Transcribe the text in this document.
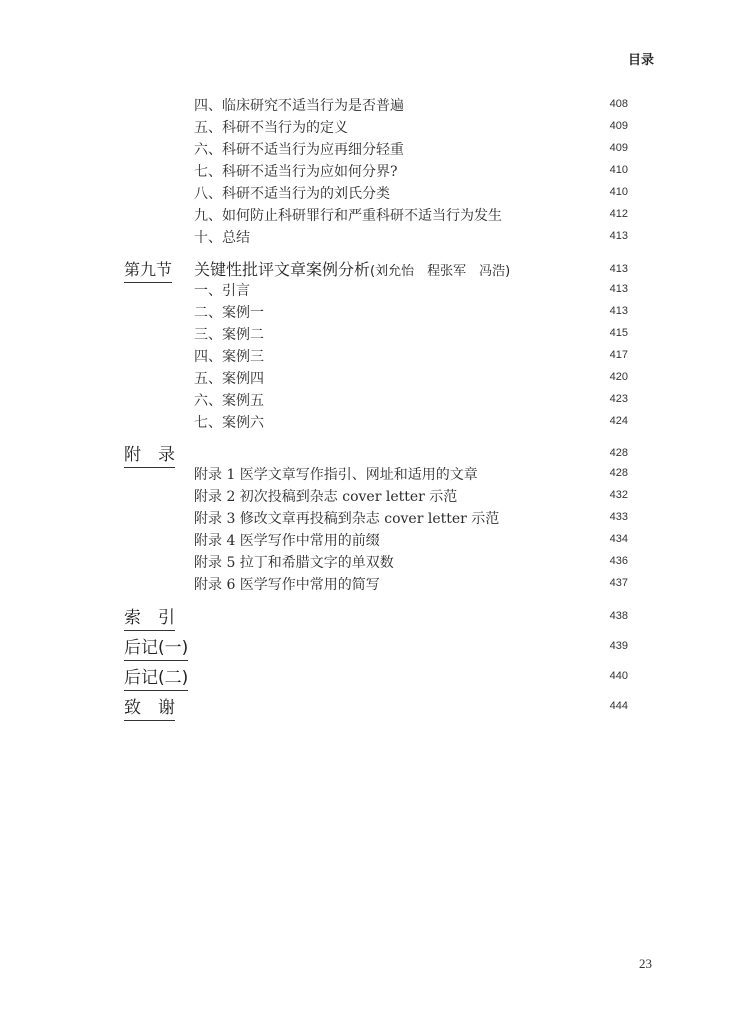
目录
四、临床研究不适当行为是否普遍	408
五、科研不当行为的定义	409
六、科研不适当行为应再细分轻重	409
七、科研不适当行为应如何分界?	410
八、科研不适当行为的刘氏分类	410
九、如何防止科研罪行和严重科研不适当行为发生	412
十、总结	413
第九节 关键性批评文章案例分析(刘允怡　程张军　冯浩)	413
一、引言	413
二、案例一	413
三、案例二	415
四、案例三	417
五、案例四	420
六、案例五	423
七、案例六	424
附　录	428
附录 1 医学文章写作指引、网址和适用的文章	428
附录 2 初次投稿到杂志 cover letter 示范	432
附录 3 修改文章再投稿到杂志 cover letter 示范	433
附录 4 医学写作中常用的前缀	434
附录 5 拉丁和希腊文字的单双数	436
附录 6 医学写作中常用的简写	437
索　引	438
后记(一)	439
后记(二)	440
致　谢	444
23
